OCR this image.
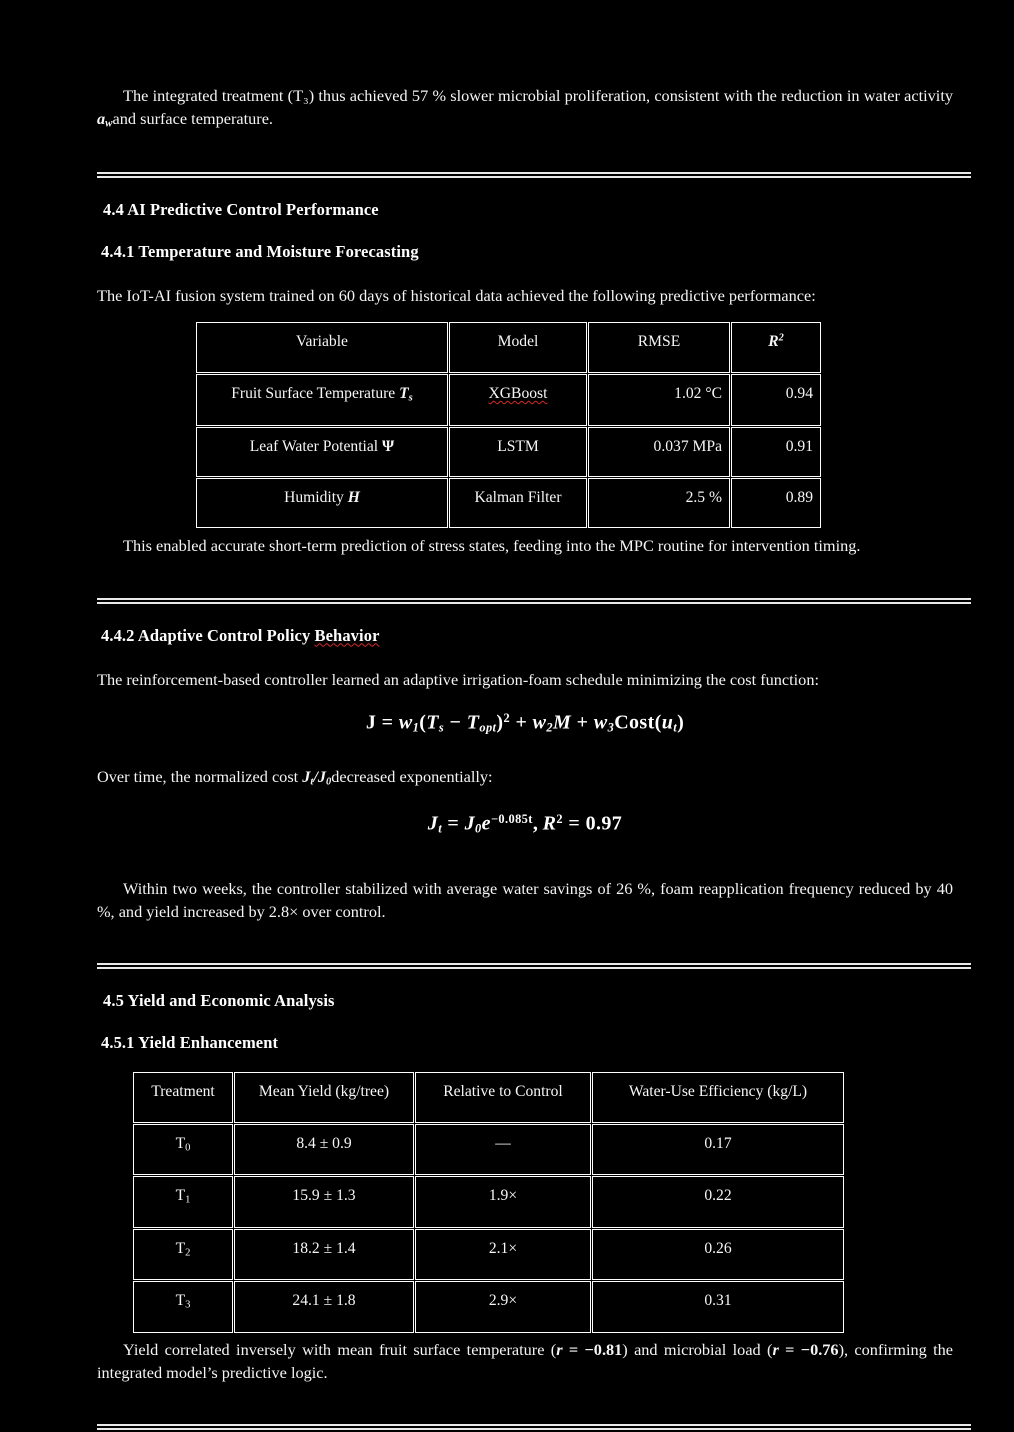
The integrated treatment (T₃) thus achieved 57 % slower microbial proliferation, consistent with the reduction in water activity $a_wand$ surface temperature.

4.4 AI Predictive Control Performance
4.4.1 Temperature and Moisture Forecasting

The IoT-AI fusion system trained on 60 days of historical data achieved the following predictive performance:

Variable	Model	RMSE	$R^2$
Fruit Surface Temperature $T_s$	XGBoost	1.02 °C	0.94
Leaf Water Potential Ψ	LSTM	0.037 MPa	0.91
Humidity H	Kalman Filter	2.5 %	0.89

This enabled accurate short-term prediction of stress states, feeding into the MPC routine for intervention timing.

4.4.2 Adaptive Control Policy Behavior

The reinforcement-based controller learned an adaptive irrigation-foam schedule minimizing the cost function:

$J = w_1(T_s - T_{opt})^2 + w_2M$ + $w_3Cost(u_t)$

Over time, the normalized cost $J_t/J_0decreased$ exponentially:

$J_t = J_0e^{-0.085t}$, $R^2 = 0.97$

Within two weeks, the controller stabilized with average water savings of 26 %, foam reapplication frequency reduced by 40 %, and yield increased by 2.8× over control.

4.5 Yield and Economic Analysis
4.5.1 Yield Enhancement
Treatment	Mean Yield (kg/tree)	Relative to Control	Water-Use Efficiency (kg/L)
$T_0$	8.4 ± 0.9	—	0.17
$T_1$	15.9 ± 1.3	1.9×	0.22
$T_2$	18.2 ± 1.4	2.1×	0.26
$T_3$	24.1 ± 1.8	2.9×	0.31

Yield correlated inversely with mean fruit surface temperature (r = −0.81) and microbial load (r = −0.76), confirming the integrated model’s predictive logic.
